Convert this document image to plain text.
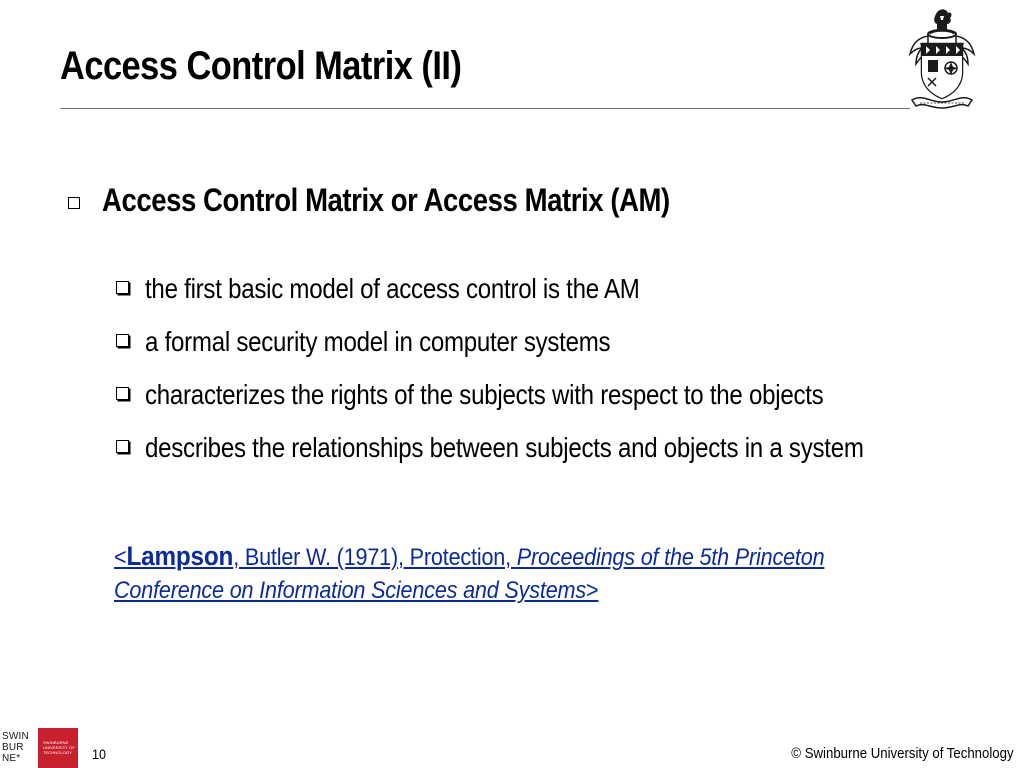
Access Control Matrix (II)
Access Control Matrix or Access Matrix (AM)
the first basic model of access control is the AM
a formal security model in computer systems
characterizes the rights of the subjects with respect to the objects
describes the relationships between subjects and objects in a system
<Lampson, Butler W. (1971), Protection, Proceedings of the 5th Princeton
Conference on Information Sciences and Systems>
SWIN
BUR
NE*
SWINBURNE
UNIVERSITY OF
TECHNOLOGY	10	© Swinburne University of Technology
